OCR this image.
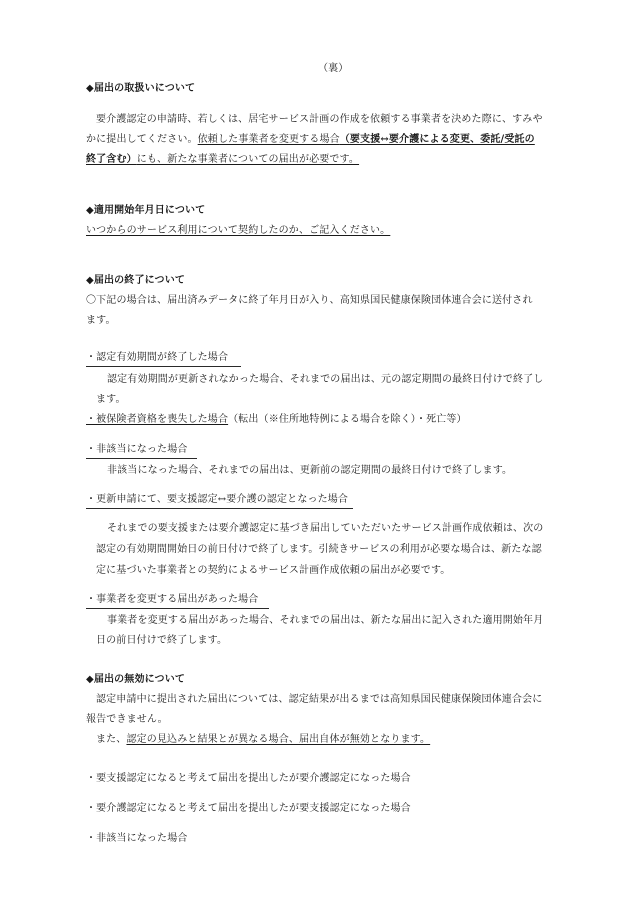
（裏）
◆届出の取扱いについて
要介護認定の申請時、若しくは、居宅サービス計画の作成を依頼する事業者を決めた際に、すみや
かに提出してください。依頼した事業者を変更する場合（要支援↔要介護による変更、委託/受託の
終了含む）にも、新たな事業者についての届出が必要です。
◆適用開始年月日について
いつからのサービス利用について契約したのか、ご記入ください。
◆届出の終了について
〇下記の場合は、届出済みデータに終了年月日が入り、高知県国民健康保険団体連合会に送付され
ます。
・認定有効期間が終了した場合
認定有効期間が更新されなかった場合、それまでの届出は、元の認定期間の最終日付けで終了し
ます。
・被保険者資格を喪失した場合（転出（※住所地特例による場合を除く）・死亡等）
・非該当になった場合
非該当になった場合、それまでの届出は、更新前の認定期間の最終日付けで終了します。
・更新申請にて、要支援認定↔要介護の認定となった場合
それまでの要支援または要介護認定に基づき届出していただいたサービス計画作成依頼は、次の
認定の有効期間開始日の前日付けで終了します。引続きサービスの利用が必要な場合は、新たな認
定に基づいた事業者との契約によるサービス計画作成依頼の届出が必要です。
・事業者を変更する届出があった場合
事業者を変更する届出があった場合、それまでの届出は、新たな届出に記入された適用開始年月
日の前日付けで終了します。
◆届出の無効について
認定申請中に提出された届出については、認定結果が出るまでは高知県国民健康保険団体連合会に
報告できません。
また、認定の見込みと結果とが異なる場合、届出自体が無効となります。
・要支援認定になると考えて届出を提出したが要介護認定になった場合
・要介護認定になると考えて届出を提出したが要支援認定になった場合
・非該当になった場合
